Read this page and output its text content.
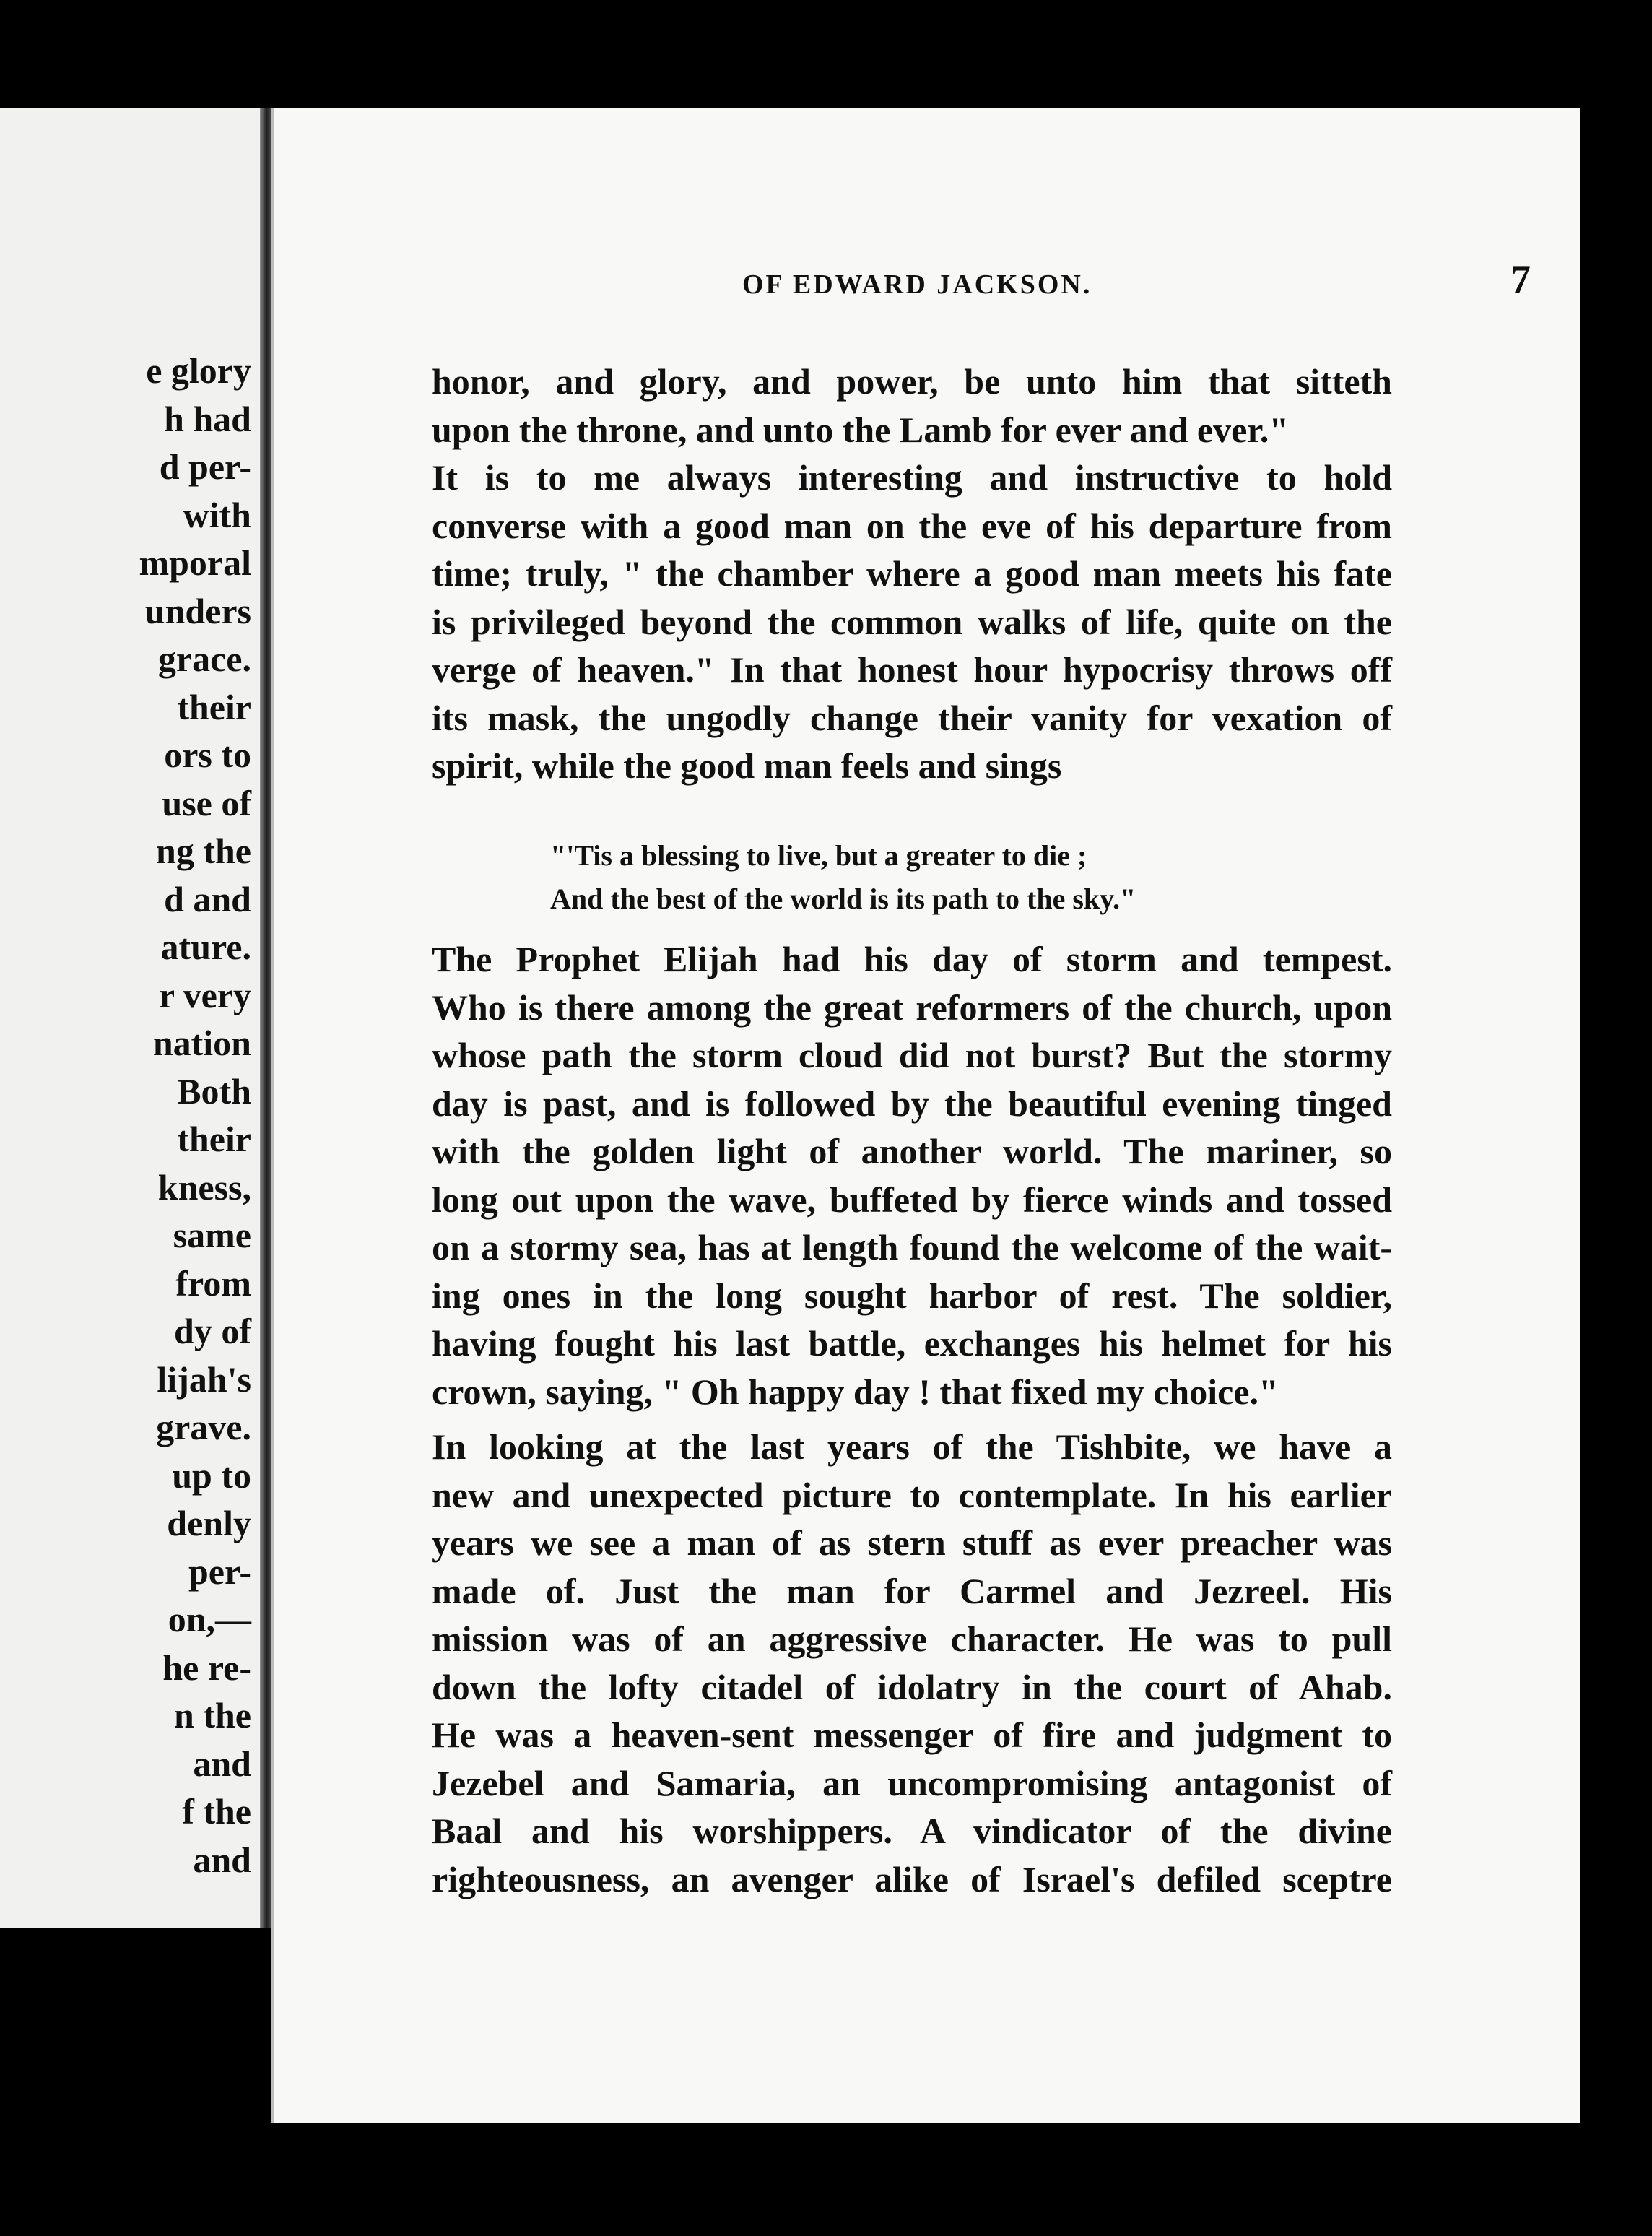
e glory
h had
d per-
with
mporal
unders
grace.
their
ors to
use of
ng the
d and
ature.
r very
nation
Both
their
kness,
same
from
dy of
lijah's
grave.
up to
denly
per-
on,—
he re-
n the
and
f the
and
OF EDWARD JACKSON.	7
honor, and glory, and power, be unto him that sitteth
upon the throne, and unto the Lamb for ever and ever."
It is to me always interesting and instructive to hold
converse with a good man on the eve of his departure from
time; truly, " the chamber where a good man meets his fate
is privileged beyond the common walks of life, quite on the
verge of heaven." In that honest hour hypocrisy throws off
its mask, the ungodly change their vanity for vexation of
spirit, while the good man feels and sings
"'Tis a blessing to live, but a greater to die ;
And the best of the world is its path to the sky."
The Prophet Elijah had his day of storm and tempest.
Who is there among the great reformers of the church, upon
whose path the storm cloud did not burst? But the stormy
day is past, and is followed by the beautiful evening tinged
with the golden light of another world. The mariner, so
long out upon the wave, buffeted by fierce winds and tossed
on a stormy sea, has at length found the welcome of the wait-
ing ones in the long sought harbor of rest. The soldier,
having fought his last battle, exchanges his helmet for his
crown, saying, " Oh happy day ! that fixed my choice."
In looking at the last years of the Tishbite, we have a
new and unexpected picture to contemplate. In his earlier
years we see a man of as stern stuff as ever preacher was
made of. Just the man for Carmel and Jezreel. His
mission was of an aggressive character. He was to pull
down the lofty citadel of idolatry in the court of Ahab.
He was a heaven-sent messenger of fire and judgment to
Jezebel and Samaria, an uncompromising antagonist of
Baal and his worshippers. A vindicator of the divine
righteousness, an avenger alike of Israel's defiled sceptre
